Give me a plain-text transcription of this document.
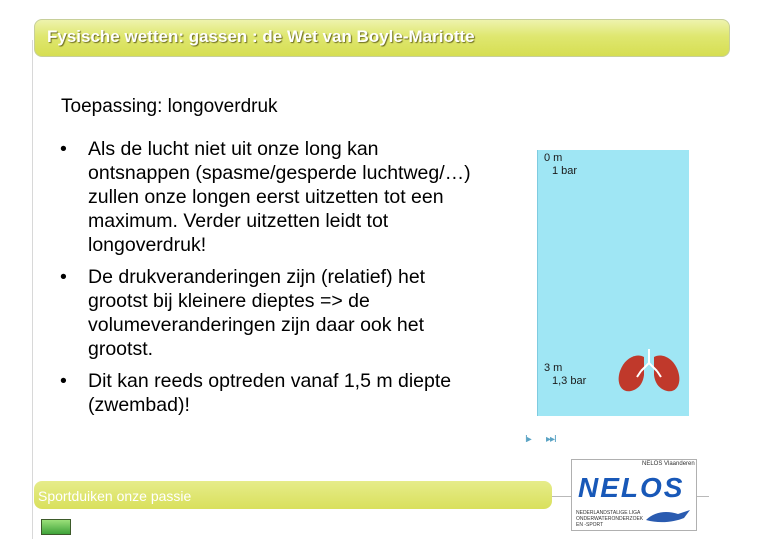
Fysische wetten: gassen : de Wet van Boyle-Mariotte
Toepassing: longoverdruk
• Als de lucht niet uit onze long kan ontsnappen (spasme/gesperde luchtweg/…) zullen onze longen eerst uitzetten tot een maximum. Verder uitzetten leidt tot longoverdruk!
• De drukveranderingen zijn (relatief) het grootst bij kleinere dieptes => de volumeveranderingen zijn daar ook het grootst.
• Dit kan reeds optreden vanaf 1,5 m diepte (zwembad)!
0 m
1 bar
3 m
1,3 bar
I▸ ▸▸I
Sportduiken onze passie	NELOS
NEDERLANDSTALIGE LIGA ONDERWATERONDERZOEK EN -SPORT
NELOS Vlaanderen
